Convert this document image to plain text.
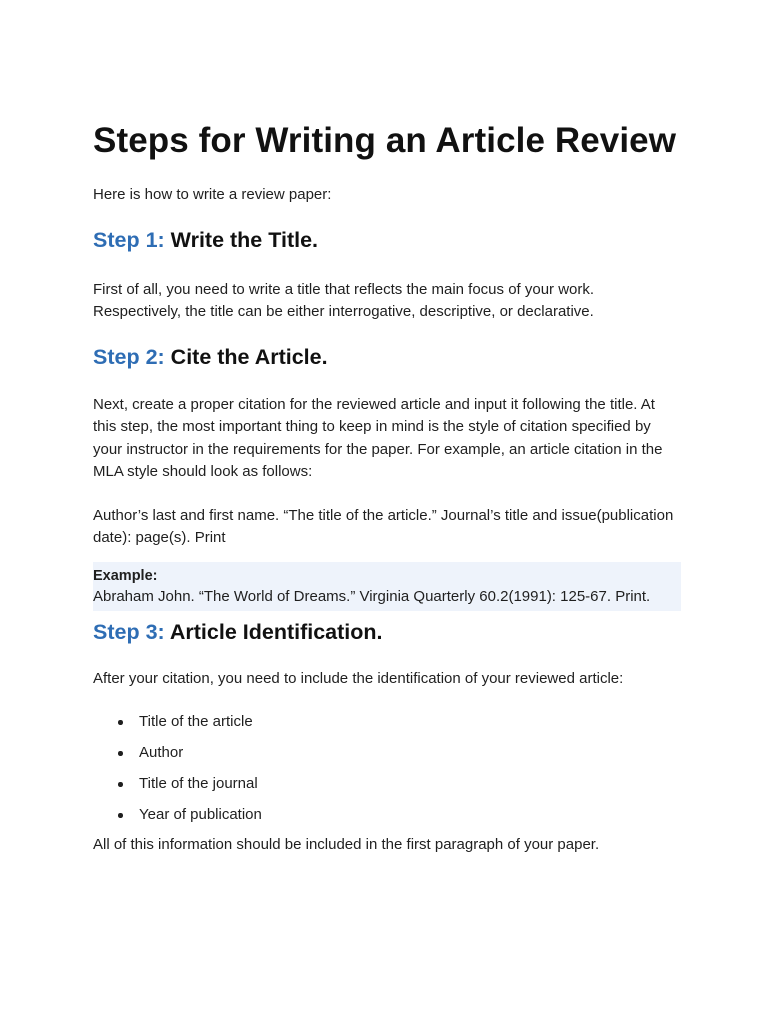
Steps for Writing an Article Review

Here is how to write a review paper:

Step 1: Write the Title.

First of all, you need to write a title that reflects the main focus of your work. Respectively, the title can be either interrogative, descriptive, or declarative.

Step 2: Cite the Article.

Next, create a proper citation for the reviewed article and input it following the title. At this step, the most important thing to keep in mind is the style of citation specified by your instructor in the requirements for the paper. For example, an article citation in the MLA style should look as follows:

Author’s last and first name. “The title of the article.” Journal’s title and issue(publication date): page(s). Print

Example:

Abraham John. “The World of Dreams.” Virginia Quarterly 60.2(1991): 125-67. Print.

Step 3: Article Identification.

After your citation, you need to include the identification of your reviewed article:

Title of the article
Author
Title of the journal
Year of publication

All of this information should be included in the first paragraph of your paper.
